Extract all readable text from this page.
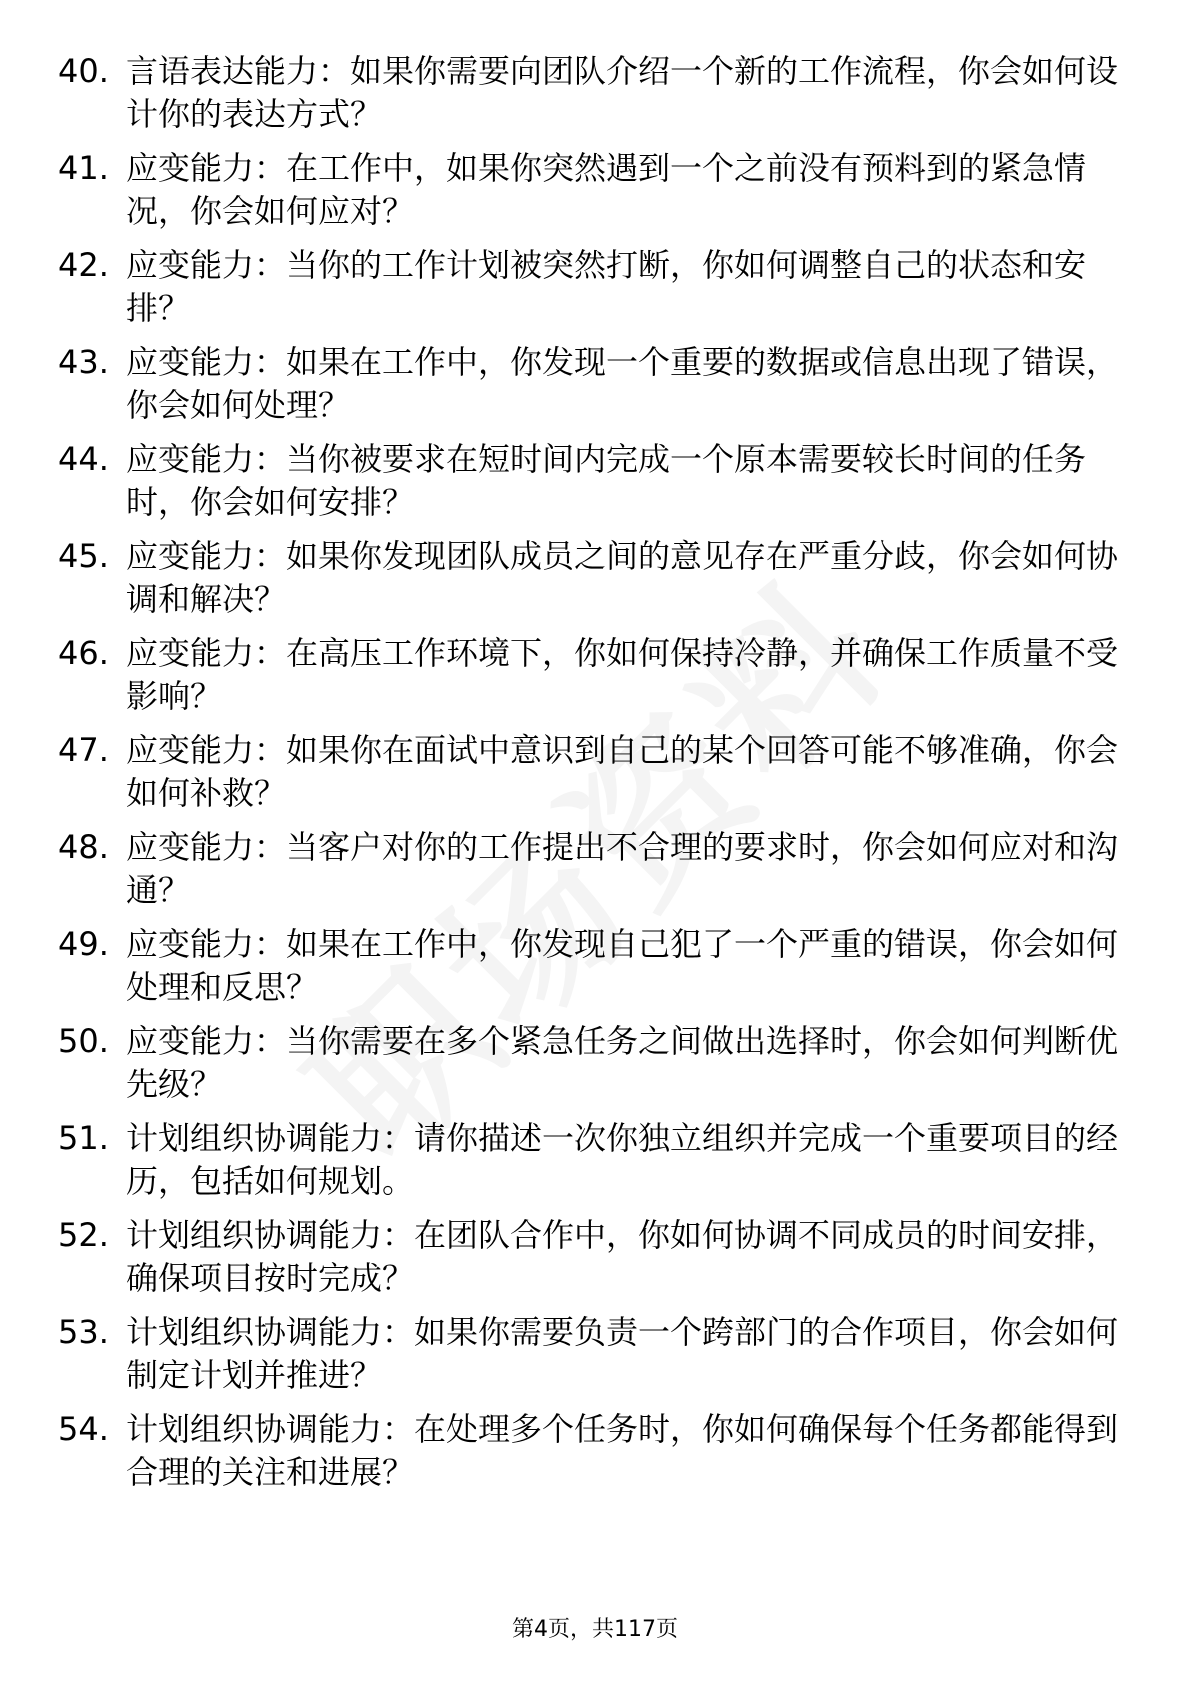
40. 言语表达能力：如果你需要向团队介绍一个新的工作流程，你会如何设计你的表达方式？
41. 应变能力：在工作中，如果你突然遇到一个之前没有预料到的紧急情况，你会如何应对？
42. 应变能力：当你的工作计划被突然打断，你如何调整自己的状态和安排？
43. 应变能力：如果在工作中，你发现一个重要的数据或信息出现了错误，你会如何处理？
44. 应变能力：当你被要求在短时间内完成一个原本需要较长时间的任务时，你会如何安排？
45. 应变能力：如果你发现团队成员之间的意见存在严重分歧，你会如何协调和解决？
46. 应变能力：在高压工作环境下，你如何保持冷静，并确保工作质量不受影响？
47. 应变能力：如果你在面试中意识到自己的某个回答可能不够准确，你会如何补救？
48. 应变能力：当客户对你的工作提出不合理的要求时，你会如何应对和沟通？
49. 应变能力：如果在工作中，你发现自己犯了一个严重的错误，你会如何处理和反思？
50. 应变能力：当你需要在多个紧急任务之间做出选择时，你会如何判断优先级？
51. 计划组织协调能力：请你描述一次你独立组织并完成一个重要项目的经历，包括如何规划。
52. 计划组织协调能力：在团队合作中，你如何协调不同成员的时间安排，确保项目按时完成？
53. 计划组织协调能力：如果你需要负责一个跨部门的合作项目，你会如何制定计划并推进？
54. 计划组织协调能力：在处理多个任务时，你如何确保每个任务都能得到合理的关注和进展？
第4页，共117页
